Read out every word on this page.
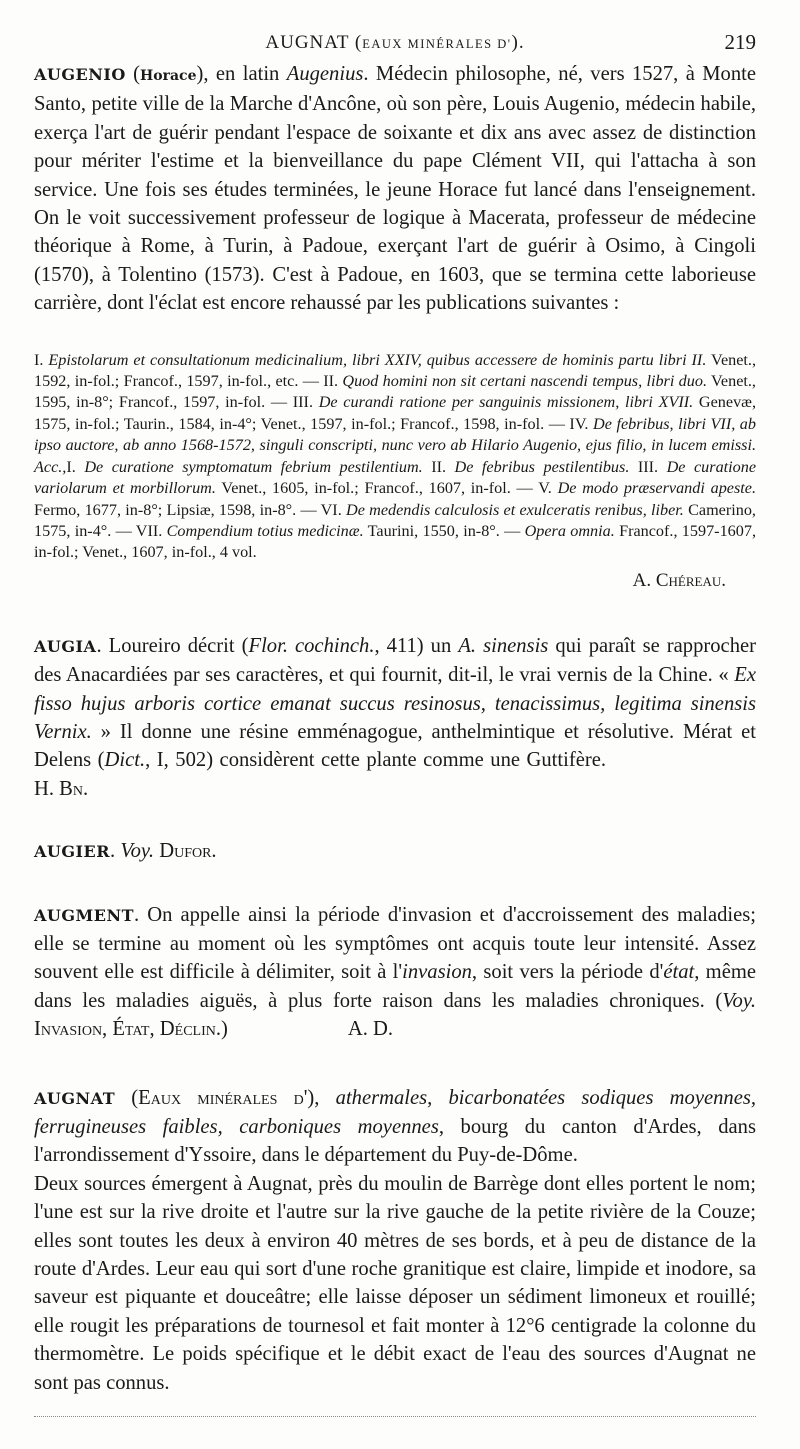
AUGNAT (EAUX MINÉRALES D').	219

AUGENIO (Horace), en latin Augenius. Médecin philosophe, né, vers 1527, à Monte Santo, petite ville de la Marche d'Ancône, où son père, Louis Augenio, médecin habile, exerça l'art de guérir pendant l'espace de soixante et dix ans avec assez de distinction pour mériter l'estime et la bienveillance du pape Clément VII, qui l'attacha à son service. Une fois ses études terminées, le jeune Horace fut lancé dans l'enseignement. On le voit successivement professeur de logique à Macerata, professeur de médecine théorique à Rome, à Turin, à Padoue, exerçant l'art de guérir à Osimo, à Cingoli (1570), à Tolentino (1573). C'est à Padoue, en 1603, que se termina cette laborieuse carrière, dont l'éclat est encore rehaussé par les publications suivantes :

I. Epistolarum et consultationum medicinalium, libri XXIV, quibus accessere de hominis partu libri II. Venet., 1592, in-fol.; Francof., 1597, in-fol., etc. — II. Quod homini non sit certani nascendi tempus, libri duo. Venet., 1595, in-8°; Francof., 1597, in-fol. — III. De curandi ratione per sanguinis missionem, libri XVII. Genevæ, 1575, in-fol.; Taurin., 1584, in-4°; Venet., 1597, in-fol.; Francof., 1598, in-fol. — IV. De febribus, libri VII, ab ipso auctore, ab anno 1568-1572, singuli conscripti, nunc vero ab Hilario Augenio, ejus filio, in lucem emissi. Acc.,I. De curatione symptomatum febrium pestilentium. II. De febribus pestilentibus. III. De curatione variolarum et morbillorum. Venet., 1605, in-fol.; Francof., 1607, in-fol. — V. De modo præservandi apeste. Fermo, 1677, in-8°; Lipsiæ, 1598, in-8°. — VI. De medendis calculosis et exulceratis renibus, liber. Camerino, 1575, in-4°. — VII. Compendium totius medicinæ. Taurini, 1550, in-8°. — Opera omnia. Francof., 1597-1607, in-fol.; Venet., 1607, in-fol., 4 vol.

A. Chéreau.

AUGIA. Loureiro décrit (Flor. cochinch., 411) un A. sinensis qui paraît se rapprocher des Anacardiées par ses caractères, et qui fournit, dit-il, le vrai vernis de la Chine. « Ex fisso hujus arboris cortice emanat succus resinosus, tenacissimus, legitima sinensis Vernix. » Il donne une résine emménagogue, anthelmintique et résolutive. Mérat et Delens (Dict., I, 502) considèrent cette plante comme une Guttifère.H. Bn.

AUGIER. Voy. Dufor.

AUGMENT. On appelle ainsi la période d'invasion et d'accroissement des maladies; elle se termine au moment où les symptômes ont acquis toute leur intensité. Assez souvent elle est difficile à délimiter, soit à l'invasion, soit vers la période d'état, même dans les maladies aiguës, à plus forte raison dans les maladies chroniques. (Voy. Invasion, État, Déclin.)	A. D.

AUGNAT (Eaux minérales d'), athermales, bicarbonatées sodiques moyennes, ferrugineuses faibles, carboniques moyennes, bourg du canton d'Ardes, dans l'arrondissement d'Yssoire, dans le département du Puy-de-Dôme.

Deux sources émergent à Augnat, près du moulin de Barrège dont elles portent le nom; l'une est sur la rive droite et l'autre sur la rive gauche de la petite rivière de la Couze; elles sont toutes les deux à environ 40 mètres de ses bords, et à peu de distance de la route d'Ardes. Leur eau qui sort d'une roche granitique est claire, limpide et inodore, sa saveur est piquante et douceâtre; elle laisse déposer un sédiment limoneux et rouillé; elle rougit les préparations de tournesol et fait monter à 12°6 centigrade la colonne du thermomètre. Le poids spécifique et le débit exact de l'eau des sources d'Augnat ne sont pas connus.
